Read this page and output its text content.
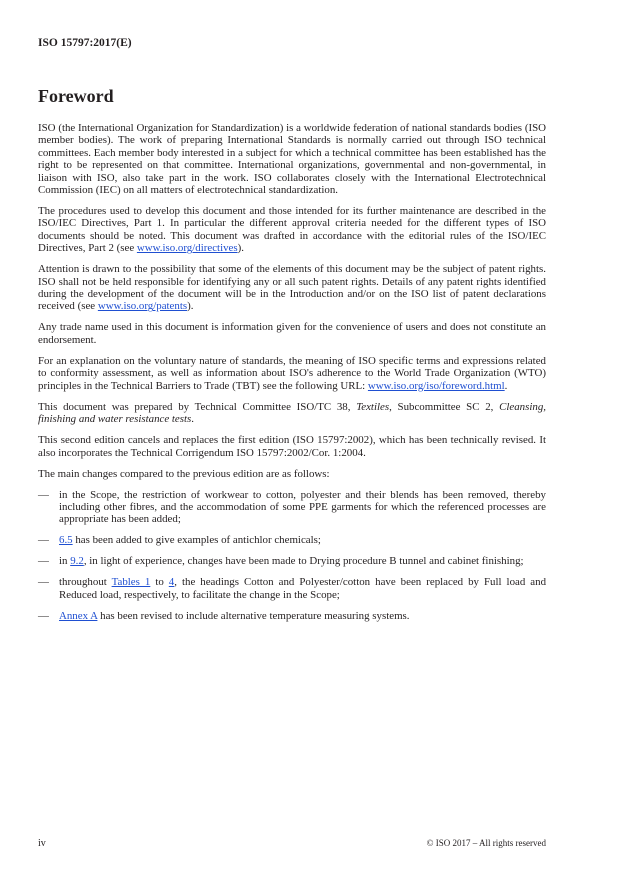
ISO 15797:2017(E)
Foreword

ISO (the International Organization for Standardization) is a worldwide federation of national standards bodies (ISO member bodies). The work of preparing International Standards is normally carried out through ISO technical committees. Each member body interested in a subject for which a technical committee has been established has the right to be represented on that committee. International organizations, governmental and non-governmental, in liaison with ISO, also take part in the work. ISO collaborates closely with the International Electrotechnical Commission (IEC) on all matters of electrotechnical standardization.

The procedures used to develop this document and those intended for its further maintenance are described in the ISO/IEC Directives, Part 1. In particular the different approval criteria needed for the different types of ISO documents should be noted. This document was drafted in accordance with the editorial rules of the ISO/IEC Directives, Part 2 (see www.iso.org/directives).

Attention is drawn to the possibility that some of the elements of this document may be the subject of patent rights. ISO shall not be held responsible for identifying any or all such patent rights. Details of any patent rights identified during the development of the document will be in the Introduction and/or on the ISO list of patent declarations received (see www.iso.org/patents).

Any trade name used in this document is information given for the convenience of users and does not constitute an endorsement.

For an explanation on the voluntary nature of standards, the meaning of ISO specific terms and expressions related to conformity assessment, as well as information about ISO's adherence to the World Trade Organization (WTO) principles in the Technical Barriers to Trade (TBT) see the following URL: www.iso.org/iso/foreword.html.

This document was prepared by Technical Committee ISO/TC 38, Textiles, Subcommittee SC 2, Cleansing, finishing and water resistance tests.

This second edition cancels and replaces the first edition (ISO 15797:2002), which has been technically revised. It also incorporates the Technical Corrigendum ISO 15797:2002/Cor. 1:2004.

The main changes compared to the previous edition are as follows:

— in the Scope, the restriction of workwear to cotton, polyester and their blends has been removed, thereby including other fibres, and the accommodation of some PPE garments for which the referenced processes are appropriate has been added;
— 6.5 has been added to give examples of antichlor chemicals;
— in 9.2, in light of experience, changes have been made to Drying procedure B tunnel and cabinet finishing;
— throughout Tables 1 to 4, the headings Cotton and Polyester/cotton have been replaced by Full load and Reduced load, respectively, to facilitate the change in the Scope;
— Annex A has been revised to include alternative temperature measuring systems.
iv	© ISO 2017 – All rights reserved
